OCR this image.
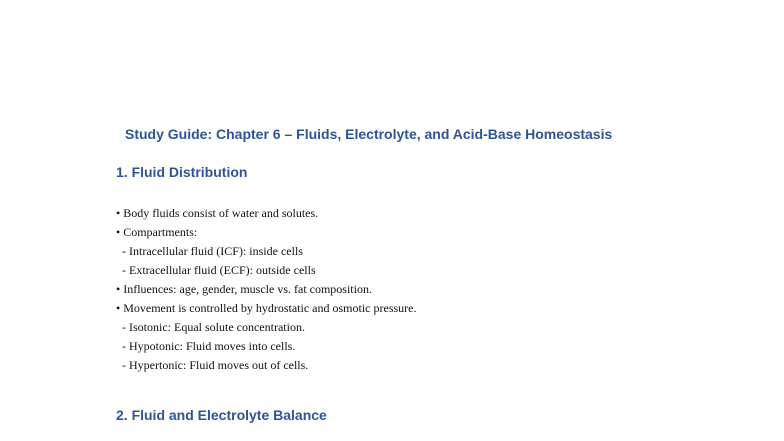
Study Guide: Chapter 6 – Fluids, Electrolyte, and Acid-Base Homeostasis
1. Fluid Distribution
• Body fluids consist of water and solutes.
• Compartments:
- Intracellular fluid (ICF): inside cells
- Extracellular fluid (ECF): outside cells
• Influences: age, gender, muscle vs. fat composition.
• Movement is controlled by hydrostatic and osmotic pressure.
- Isotonic: Equal solute concentration.
- Hypotonic: Fluid moves into cells.
- Hypertonic: Fluid moves out of cells.
2. Fluid and Electrolyte Balance
